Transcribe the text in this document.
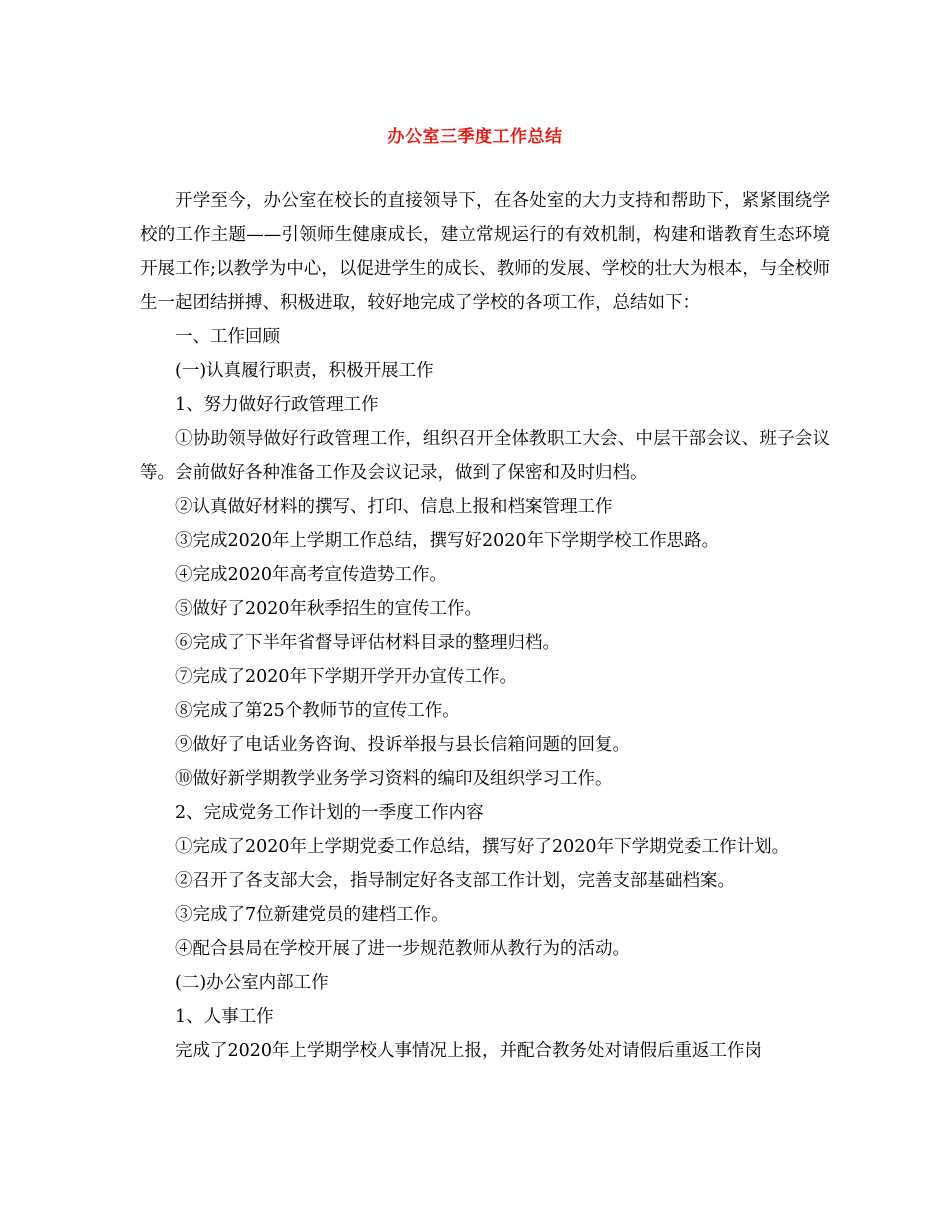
办公室三季度工作总结

开学至今，办公室在校长的直接领导下，在各处室的大力支持和帮助下，紧紧围绕学校的工作主题——引领师生健康成长，建立常规运行的有效机制，构建和谐教育生态环境开展工作;以教学为中心，以促进学生的成长、教师的发展、学校的壮大为根本，与全校师生一起团结拼搏、积极进取，较好地完成了学校的各项工作，总结如下：

一、工作回顾

(一)认真履行职责，积极开展工作

1、努力做好行政管理工作

①协助领导做好行政管理工作，组织召开全体教职工大会、中层干部会议、班子会议等。会前做好各种准备工作及会议记录，做到了保密和及时归档。

②认真做好材料的撰写、打印、信息上报和档案管理工作

③完成2020年上学期工作总结，撰写好2020年下学期学校工作思路。

④完成2020年高考宣传造势工作。

⑤做好了2020年秋季招生的宣传工作。

⑥完成了下半年省督导评估材料目录的整理归档。

⑦完成了2020年下学期开学开办宣传工作。

⑧完成了第25个教师节的宣传工作。

⑨做好了电话业务咨询、投诉举报与县长信箱问题的回复。

⑩做好新学期教学业务学习资料的编印及组织学习工作。

2、完成党务工作计划的一季度工作内容

①完成了2020年上学期党委工作总结，撰写好了2020年下学期党委工作计划。

②召开了各支部大会，指导制定好各支部工作计划，完善支部基础档案。

③完成了7位新建党员的建档工作。

④配合县局在学校开展了进一步规范教师从教行为的活动。

(二)办公室内部工作

1、人事工作

完成了2020年上学期学校人事情况上报，并配合教务处对请假后重返工作岗
